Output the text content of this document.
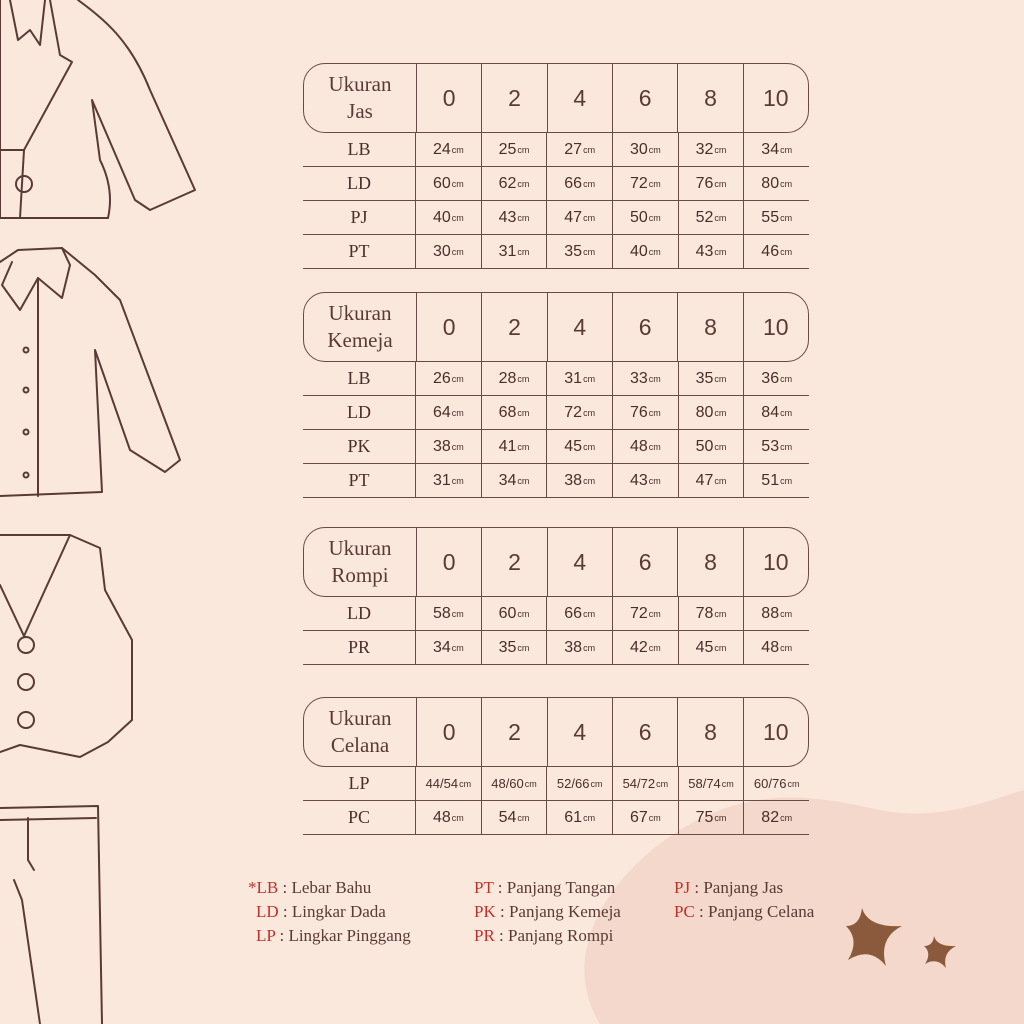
Ukuran
Jas
0	2	4	6	8	10
LB	24 cm 25 cm 27 cm 30 cm 32 cm 34 cm
LD	60 cm 62 cm 66 cm 72 cm 76 cm 80 cm
PJ	40 cm 43 cm 47 cm 50 cm 52 cm 55 cm
PT	30 cm 31 cm 35 cm 40 cm 43 cm 46 cm
Ukuran
Kemeja
0	2	4	6	8	10
LB	26 cm 28 cm 31 cm 33 cm 35 cm 36 cm
LD	64 cm 68 cm 72 cm 76 cm 80 cm 84 cm
PK	38 cm 41 cm 45 cm 48 cm 50 cm 53 cm
PT	31 cm 34 cm 38 cm 43 cm 47 cm 51 cm
Ukuran
Rompi
0	2	4	6	8	10
LD	58 cm 60 cm 66 cm 72 cm 78 cm 88 cm
PR	34 cm 35 cm 38 cm 42 cm 45 cm 48 cm
Ukuran
Celana
0	2	4	6	8	10
LP	44/54 cm 48/60 cm 52/66 cm 54/72 cm 58/74 cm 60/76 cm
PC	48 cm 54 cm 61 cm 67 cm 75 cm 82 cm
*LB : Lebar Bahu
LD : Lingkar Dada
LP : Lingkar Pinggang
PT : Panjang Tangan
PK : Panjang Kemeja
PR : Panjang Rompi
PJ : Panjang Jas
PC : Panjang Celana
